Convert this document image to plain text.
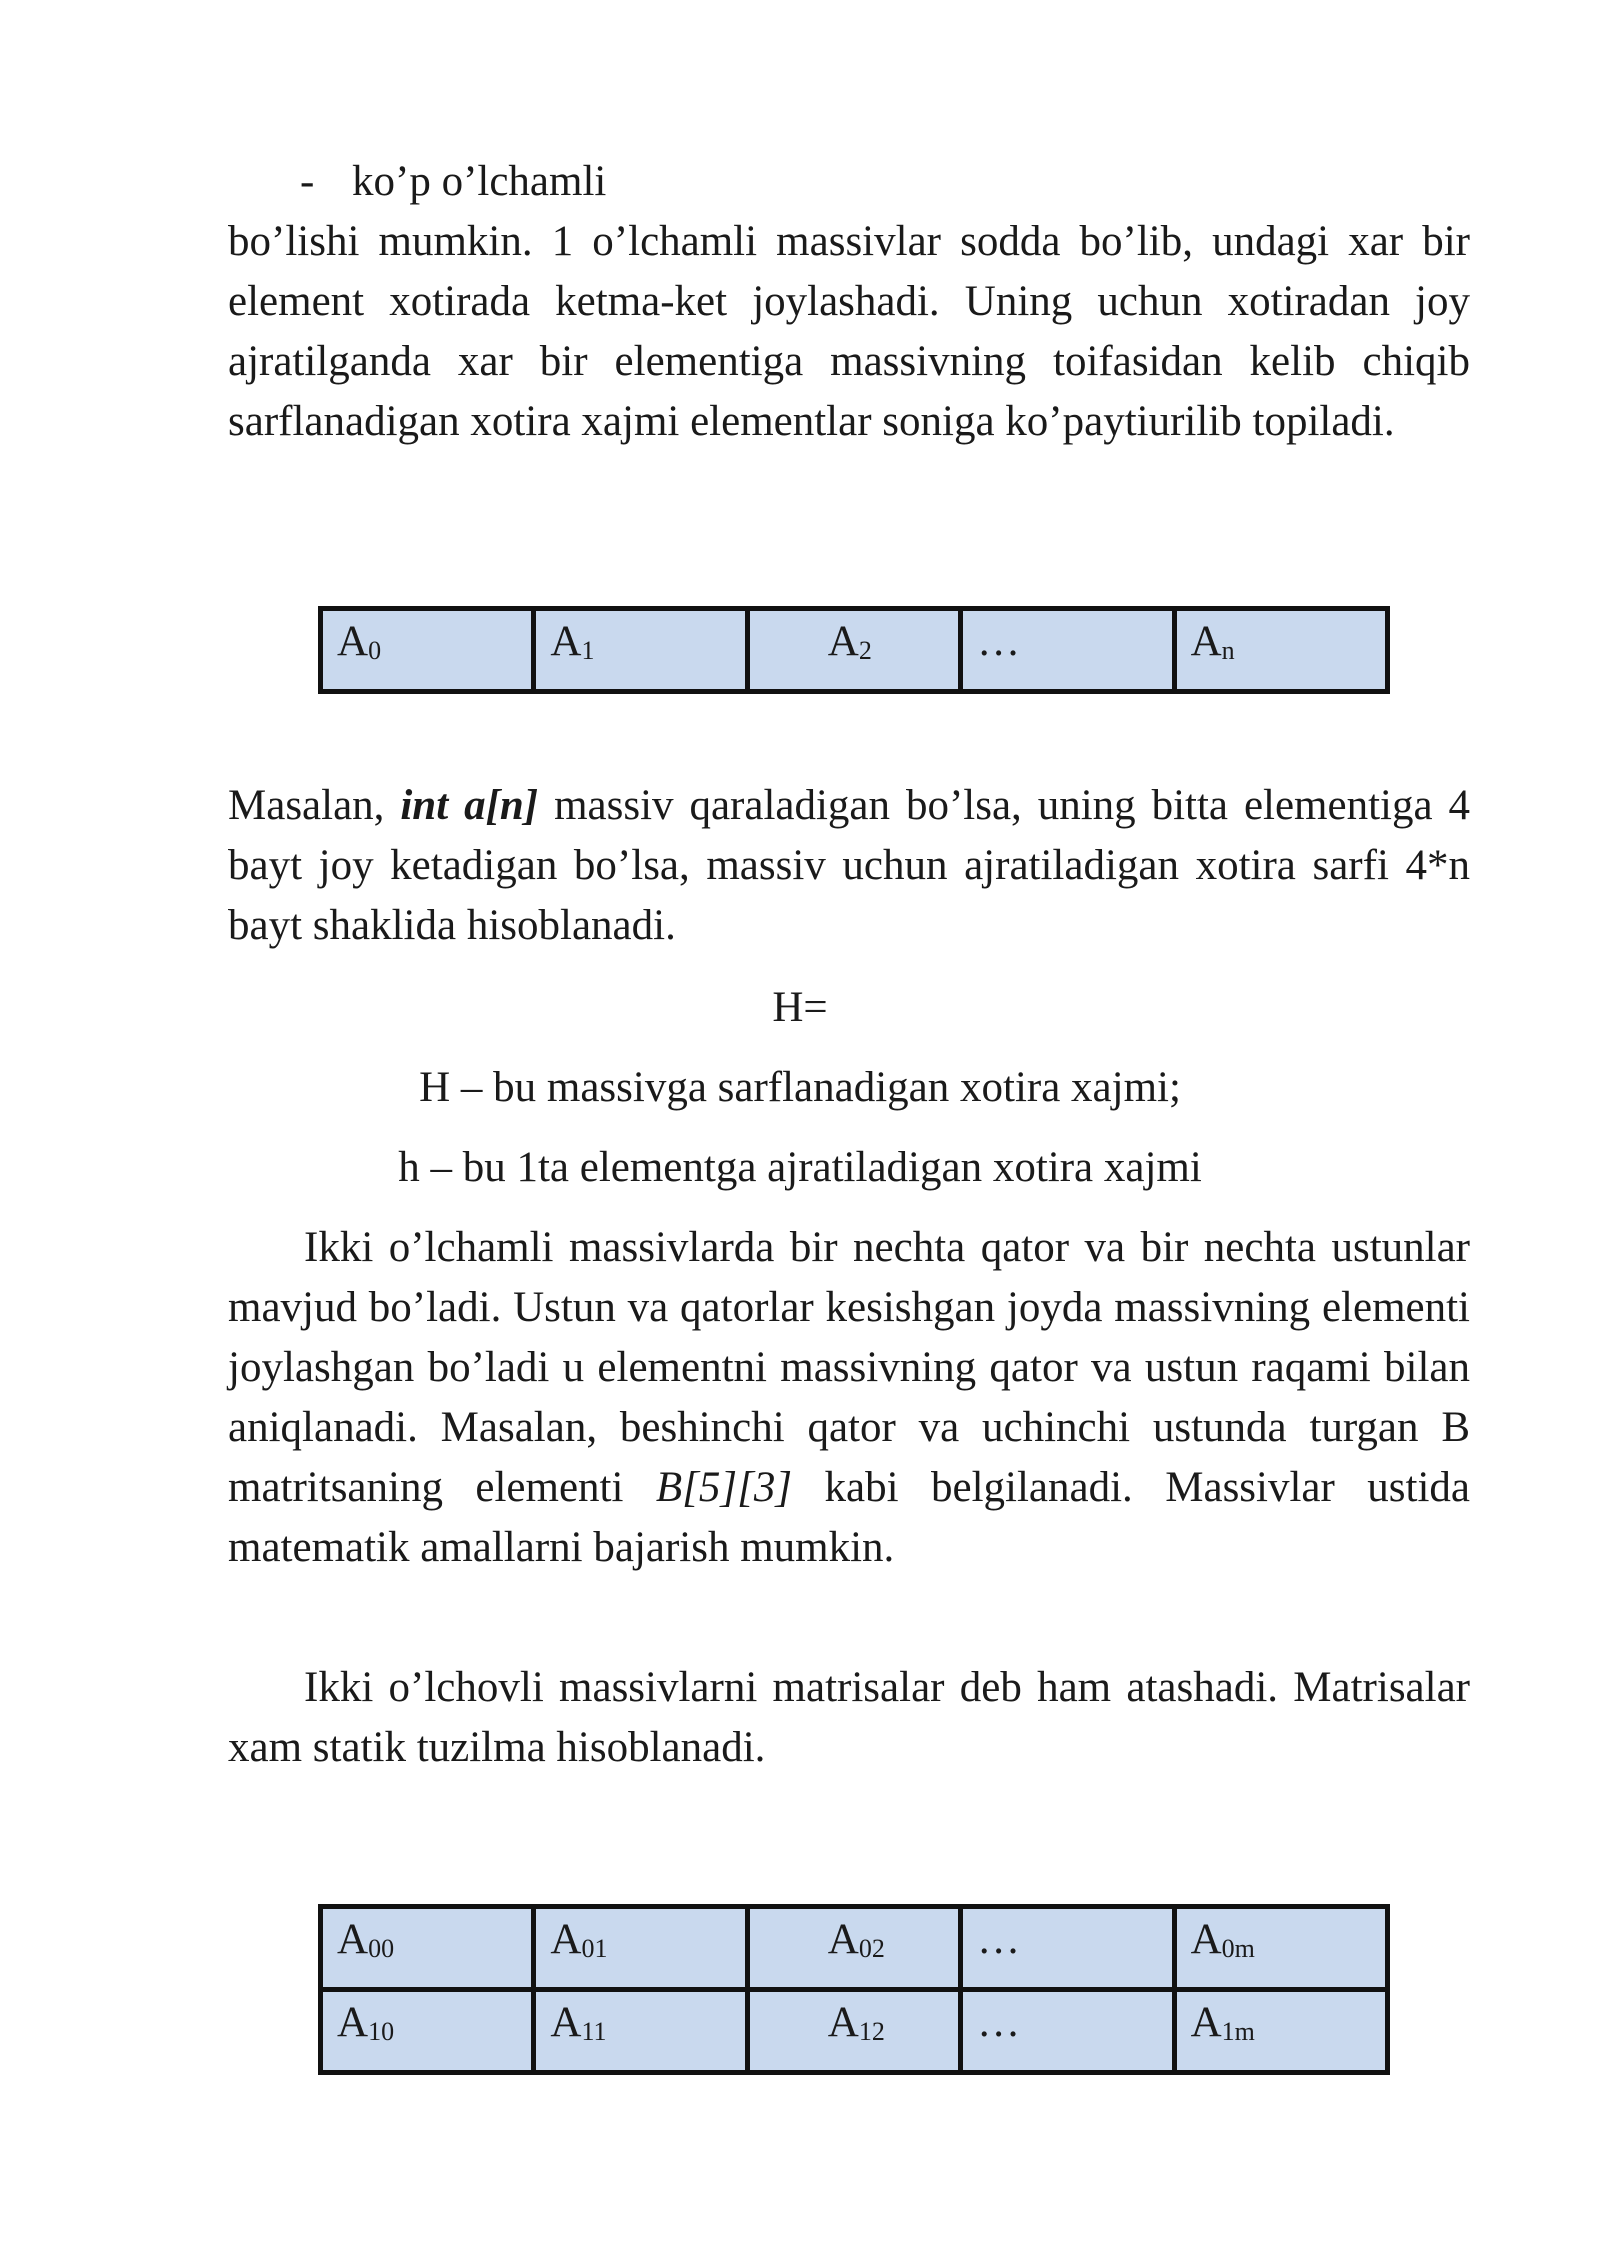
- ko’p o’lchamli
bo’lishi mumkin. 1 o’lchamli massivlar sodda bo’lib, undagi xar bir element xotirada ketma-ket joylashadi. Uning uchun xotiradan joy ajratilganda xar bir elementiga massivning toifasidan kelib chiqib sarflanadigan xotira xajmi elementlar soniga ko’paytiurilib topiladi.
$A_0$	$A_1$	$A_2$	…	$A_n$
Masalan, int a[n] massiv qaraladigan bo’lsa, uning bitta elementiga 4 bayt joy ketadigan bo’lsa, massiv uchun ajratiladigan xotira sarfi 4*n bayt shaklida hisoblanadi.
H=
H – bu massivga sarflanadigan xotira xajmi;
h – bu 1ta elementga ajratiladigan xotira xajmi
Ikki o’lchamli massivlarda bir nechta qator va bir nechta ustunlar mavjud bo’ladi. Ustun va qatorlar kesishgan joyda massivning elementi joylashgan bo’ladi u elementni massivning qator va ustun raqami bilan aniqlanadi. Masalan, beshinchi qator va uchinchi ustunda turgan B matritsaning elementi B[5][3] kabi belgilanadi. Massivlar ustida matematik amallarni bajarish mumkin.
Ikki o’lchovli massivlarni matrisalar deb ham atashadi. Matrisalar xam statik tuzilma hisoblanadi.
$A_{00}$	$A_{01}$	$A_{02}$	…	$A_{0m}$
$A_{10}$	$A_{11}$	$A_{12}$	…	$A_{1m}$
